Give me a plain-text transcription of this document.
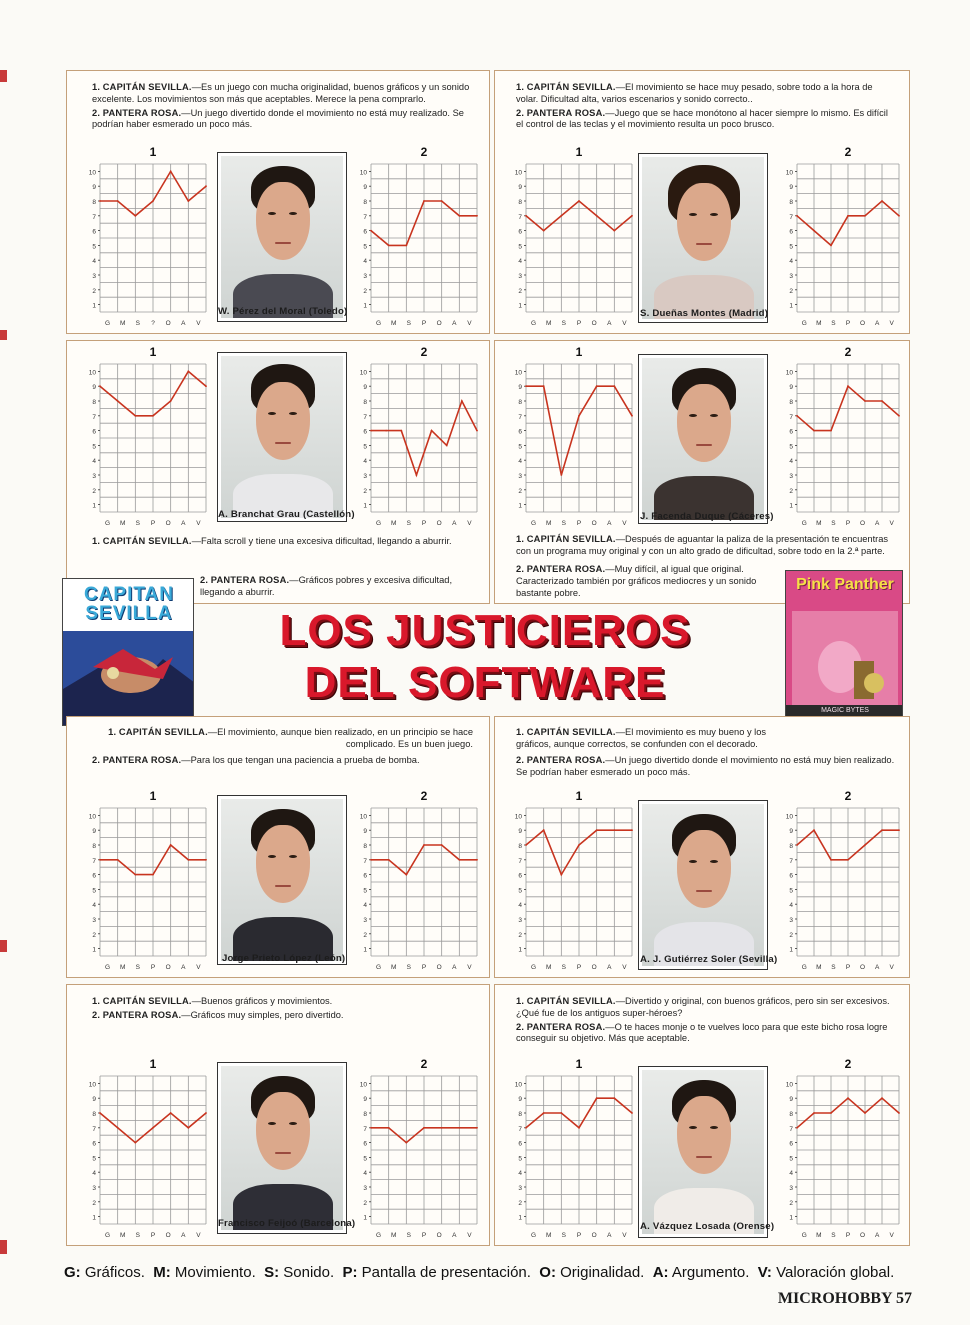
1. CAPITÁN SEVILLA.—Es un juego con mucha originalidad, buenos gráficos y un sonido excelente. Los movimientos son más que aceptables. Merece la pena comprarlo.

2. PANTERA ROSA.—Un juego divertido donde el movimiento no está muy realizado. Se podrían haber esmerado un poco más.

1
1
2
3
4
5
6
7
8
9
10
G M S ? O A V
W. Pérez del Moral (Toledo)
2
1
2
3
4
5
6
7
8
9
10
G M S P O A V

1. CAPITÁN SEVILLA.—El movimiento se hace muy pesado, sobre todo a la hora de volar. Dificultad alta, varios escenarios y sonido correcto..

2. PANTERA ROSA.—Juego que se hace monótono al hacer siempre lo mismo. Es difícil el control de las teclas y el movimiento resulta un poco brusco.

1
1
2
3
4
5
6
7
8
9
10
G M S P O A V
S. Dueñas Montes (Madrid)
2
1
2
3
4
5
6
7
8
9
10
G M S P O A V
1
1
2
3
4
5
6
7
8
9
10
G M S P O A V
A. Branchat Grau (Castellón)
2
1
2
3
4
5
6
7
8
9
10
G M S P O A V

1. CAPITÁN SEVILLA.—Falta scroll y tiene una excesiva dificultad, llegando a aburrir.

2. PANTERA ROSA.—Gráficos pobres y excesiva dificultad, llegando a aburrir.

1
1
2
3
4
5
6
7
8
9
10
G M S P O A V
J. Facenda Duque (Cáceres)
2
1
2
3
4
5
6
7
8
9
10
G M S P O A V

1. CAPITÁN SEVILLA.—Después de aguantar la paliza de la presentación te encuentras con un programa muy original y con un alto grado de dificultad, sobre todo en la 2.ª parte.

2. PANTERA ROSA.—Muy difícil, al igual que original. Caracterizado también por gráficos mediocres y un sonido bastante pobre.

CAPITAN SEVILLA
Pink Panther
MAGIC BYTES
LOS JUSTICIEROS
DEL SOFTWARE

1. CAPITÁN SEVILLA.—El movimiento, aunque bien realizado, en un principio se hace complicado. Es un buen juego.

2. PANTERA ROSA.—Para los que tengan una paciencia a prueba de bomba.

1
1
2
3
4
5
6
7
8
9
10
G M S P O A V
Jorge Prieto López (León)
2
1
2
3
4
5
6
7
8
9
10
G M S P O A V

1. CAPITÁN SEVILLA.—El movimiento es muy bueno y los gráficos, aunque correctos, se confunden con el decorado.

2. PANTERA ROSA.—Un juego divertido donde el movimiento no está muy bien realizado. Se podrían haber esmerado un poco más.

1
1
2
3
4
5
6
7
8
9
10
G M S P O A V
A. J. Gutiérrez Soler (Sevilla)
2
1
2
3
4
5
6
7
8
9
10
G M S P O A V

1. CAPITÁN SEVILLA.—Buenos gráficos y movimientos.

2. PANTERA ROSA.—Gráficos muy simples, pero divertido.

1
1
2
3
4
5
6
7
8
9
10
G M S P O A V
Francisco Feijoó (Barcelona)
2
1
2
3
4
5
6
7
8
9
10
G M S P O A V

1. CAPITÁN SEVILLA.—Divertido y original, con buenos gráficos, pero sin ser excesivos. ¿Qué fue de los antiguos super-héroes?

2. PANTERA ROSA.—O te haces monje o te vuelves loco para que este bicho rosa logre conseguir su objetivo. Más que aceptable.

1
1
2
3
4
5
6
7
8
9
10
G M S P O A V
A. Vázquez Losada (Orense)
2
1
2
3
4
5
6
7
8
9
10
G M S P O A V
G: Gráficos. M: Movimiento. S: Sonido. P: Pantalla de presentación. O: Originalidad. A: Argumento. V: Valoración global.
MICROHOBBY 57
